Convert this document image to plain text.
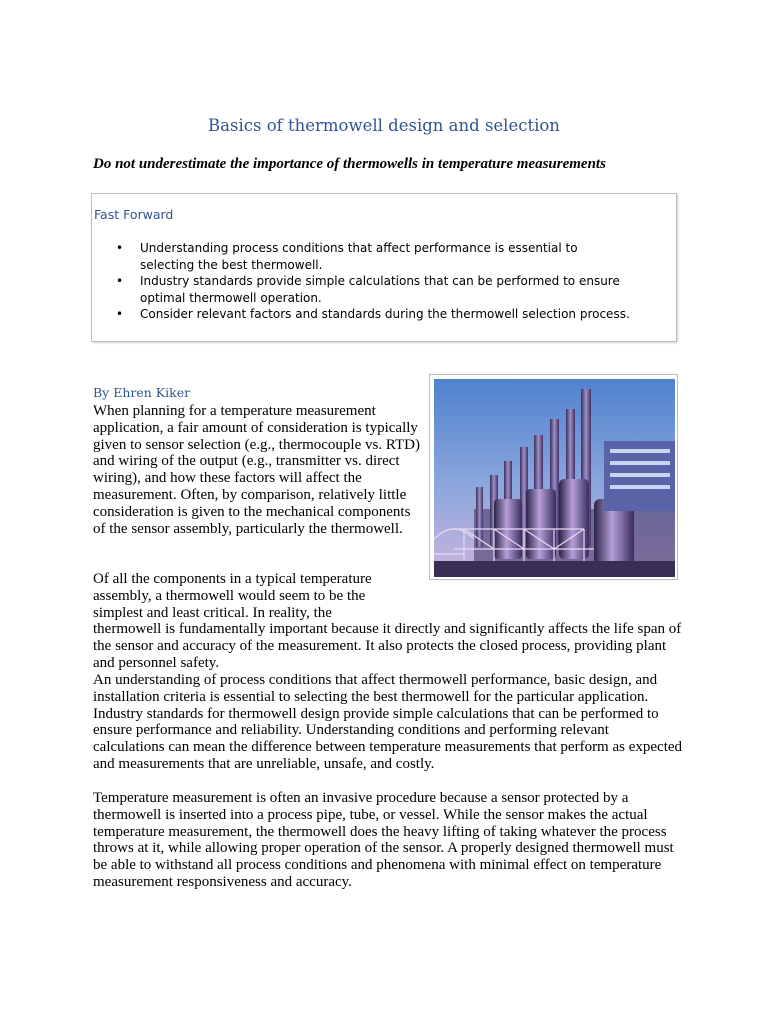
Basics of thermowell design and selection
Do not underestimate the importance of thermowells in temperature measurements
Fast Forward
• Understanding process conditions that affect performance is essential to selecting the best thermowell.
• Industry standards provide simple calculations that can be performed to ensure optimal thermowell operation.
• Consider relevant factors and standards during the thermowell selection process.
By Ehren Kiker

When planning for a temperature measurement application, a fair amount of consideration is typically given to sensor selection (e.g., thermocouple vs. RTD) and wiring of the output (e.g., transmitter vs. direct wiring), and how these factors will affect the measurement. Often, by comparison, relatively little consideration is given to the mechanical components of the sensor assembly, particularly the thermowell.

Of all the components in a typical temperature assembly, a thermowell would seem to be the simplest and least critical. In reality, the thermowell is fundamentally important because it directly and significantly affects the life span of the sensor and accuracy of the measurement. It also protects the closed process, providing plant and personnel safety.

An understanding of process conditions that affect thermowell performance, basic design, and installation criteria is essential to selecting the best thermowell for the particular application. Industry standards for thermowell design provide simple calculations that can be performed to ensure performance and reliability. Understanding conditions and performing relevant calculations can mean the difference between temperature measurements that perform as expected and measurements that are unreliable, unsafe, and costly.

Temperature measurement is often an invasive procedure because a sensor protected by a thermowell is inserted into a process pipe, tube, or vessel. While the sensor makes the actual temperature measurement, the thermowell does the heavy lifting of taking whatever the process throws at it, while allowing proper operation of the sensor. A properly designed thermowell must be able to withstand all process conditions and phenomena with minimal effect on temperature measurement responsiveness and accuracy.
